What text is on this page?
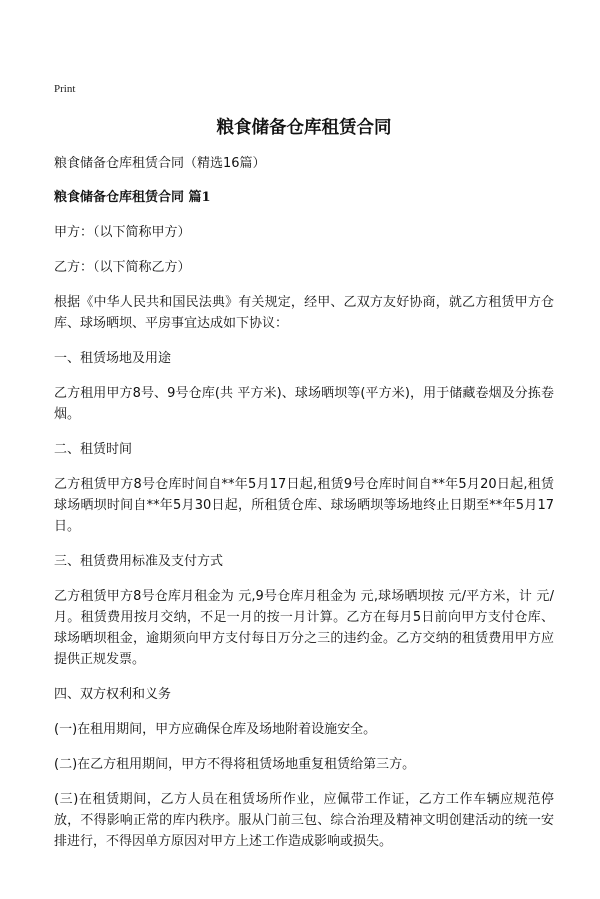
Print
粮食储备仓库租赁合同
粮食储备仓库租赁合同（精选16篇）
粮食储备仓库租赁合同 篇1
甲方：（以下简称甲方）
乙方：（以下简称乙方）
根据《中华人民共和国民法典》有关规定，经甲、乙双方友好协商，就乙方租赁甲方仓库、球场晒坝、平房事宜达成如下协议：
一、租赁场地及用途
乙方租用甲方8号、9号仓库(共 平方米)、球场晒坝等(平方米)，用于储藏卷烟及分拣卷烟。
二、租赁时间
乙方租赁甲方8号仓库时间自**年5月17日起,租赁9号仓库时间自**年5月20日起,租赁球场晒坝时间自**年5月30日起，所租赁仓库、球场晒坝等场地终止日期至**年5月17日。
三、租赁费用标准及支付方式
乙方租赁甲方8号仓库月租金为 元,9号仓库月租金为 元,球场晒坝按 元/平方米，计 元/月。租赁费用按月交纳，不足一月的按一月计算。乙方在每月5日前向甲方支付仓库、球场晒坝租金，逾期须向甲方支付每日万分之三的违约金。乙方交纳的租赁费用甲方应提供正规发票。
四、双方权利和义务
(一)在租用期间，甲方应确保仓库及场地附着设施安全。
(二)在乙方租用期间，甲方不得将租赁场地重复租赁给第三方。
(三)在租赁期间，乙方人员在租赁场所作业，应佩带工作证，乙方工作车辆应规范停放，不得影响正常的库内秩序。服从门前三包、综合治理及精神文明创建活动的统一安排进行，不得因单方原因对甲方上述工作造成影响或损失。
